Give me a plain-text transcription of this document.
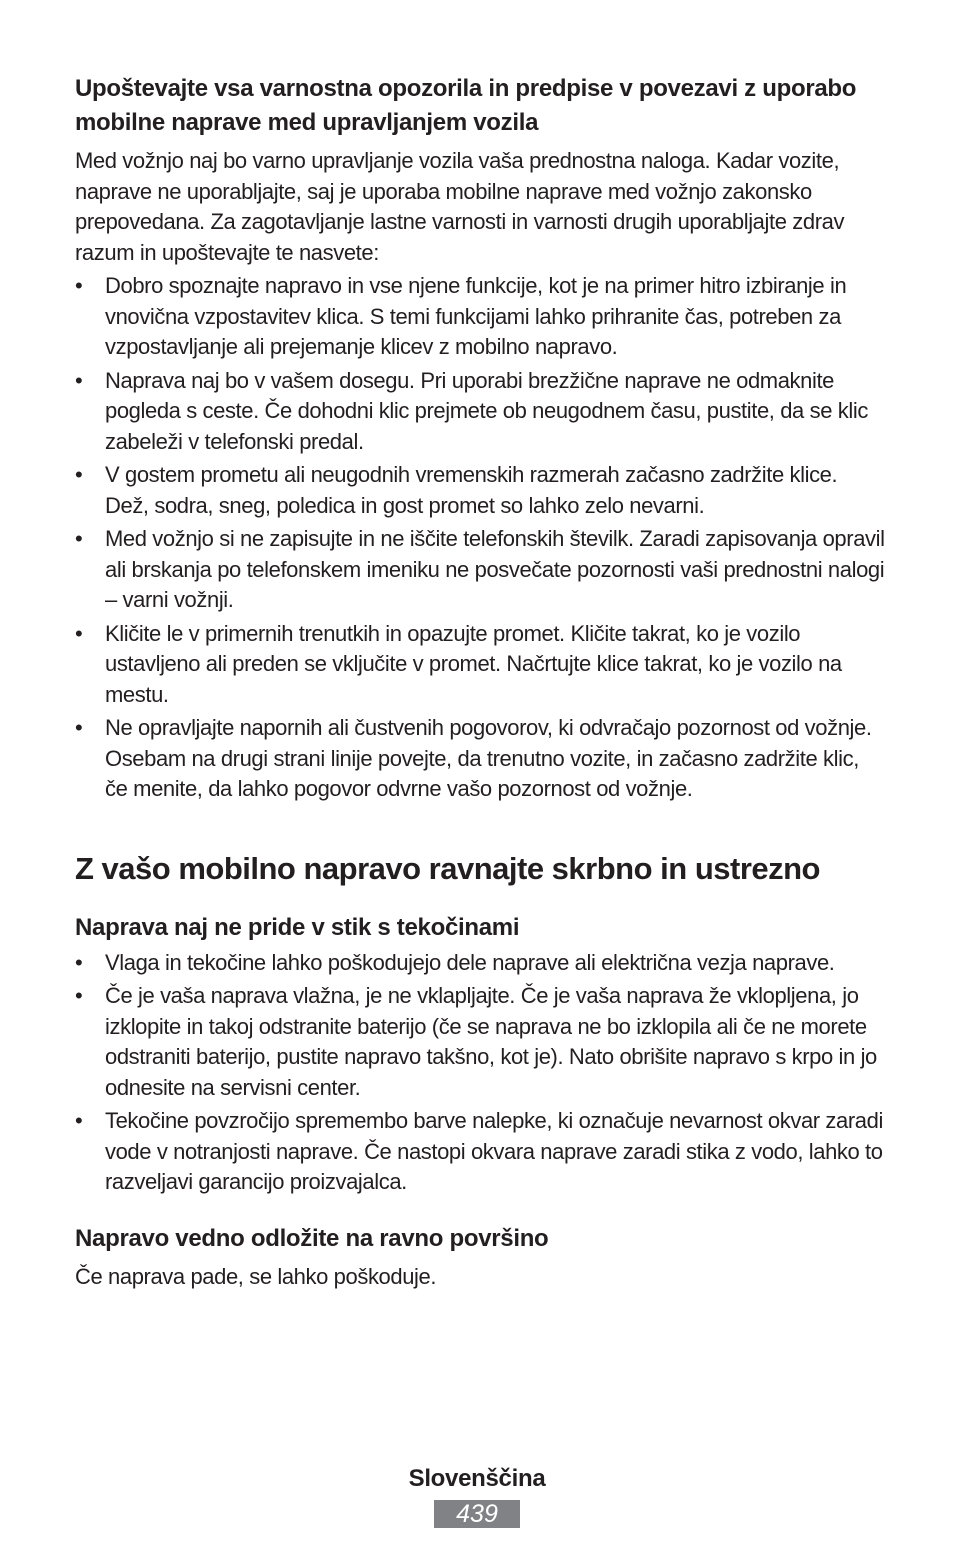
Upoštevajte vsa varnostna opozorila in predpise v povezavi z uporabo mobilne naprave med upravljanjem vozila

Med vožnjo naj bo varno upravljanje vozila vaša prednostna naloga. Kadar vozite, naprave ne uporabljajte, saj je uporaba mobilne naprave med vožnjo zakonsko prepovedana. Za zagotavljanje lastne varnosti in varnosti drugih uporabljajte zdrav razum in upoštevajte te nasvete:

• Dobro spoznajte napravo in vse njene funkcije, kot je na primer hitro izbiranje in vnovična vzpostavitev klica. S temi funkcijami lahko prihranite čas, potreben za vzpostavljanje ali prejemanje klicev z mobilno napravo.
• Naprava naj bo v vašem dosegu. Pri uporabi brezžične naprave ne odmaknite pogleda s ceste. Če dohodni klic prejmete ob neugodnem času, pustite, da se klic zabeleži v telefonski predal.
• V gostem prometu ali neugodnih vremenskih razmerah začasno zadržite klice. Dež, sodra, sneg, poledica in gost promet so lahko zelo nevarni.
• Med vožnjo si ne zapisujte in ne iščite telefonskih številk. Zaradi zapisovanja opravil ali brskanja po telefonskem imeniku ne posvečate pozornosti vaši prednostni nalogi – varni vožnji.
• Kličite le v primernih trenutkih in opazujte promet. Kličite takrat, ko je vozilo ustavljeno ali preden se vključite v promet. Načrtujte klice takrat, ko je vozilo na mestu.
• Ne opravljajte napornih ali čustvenih pogovorov, ki odvračajo pozornost od vožnje. Osebam na drugi strani linije povejte, da trenutno vozite, in začasno zadržite klic, če menite, da lahko pogovor odvrne vašo pozornost od vožnje.
Z vašo mobilno napravo ravnajte skrbno in ustrezno
Naprava naj ne pride v stik s tekočinami
• Vlaga in tekočine lahko poškodujejo dele naprave ali električna vezja naprave.
• Če je vaša naprava vlažna, je ne vklapljajte. Če je vaša naprava že vklopljena, jo izklopite in takoj odstranite baterijo (če se naprava ne bo izklopila ali če ne morete odstraniti baterijo, pustite napravo takšno, kot je). Nato obrišite napravo s krpo in jo odnesite na servisni center.
• Tekočine povzročijo spremembo barve nalepke, ki označuje nevarnost okvar zaradi vode v notranjosti naprave. Če nastopi okvara naprave zaradi stika z vodo, lahko to razveljavi garancijo proizvajalca.
Napravo vedno odložite na ravno površino

Če naprava pade, se lahko poškoduje.

Slovenščina
439
